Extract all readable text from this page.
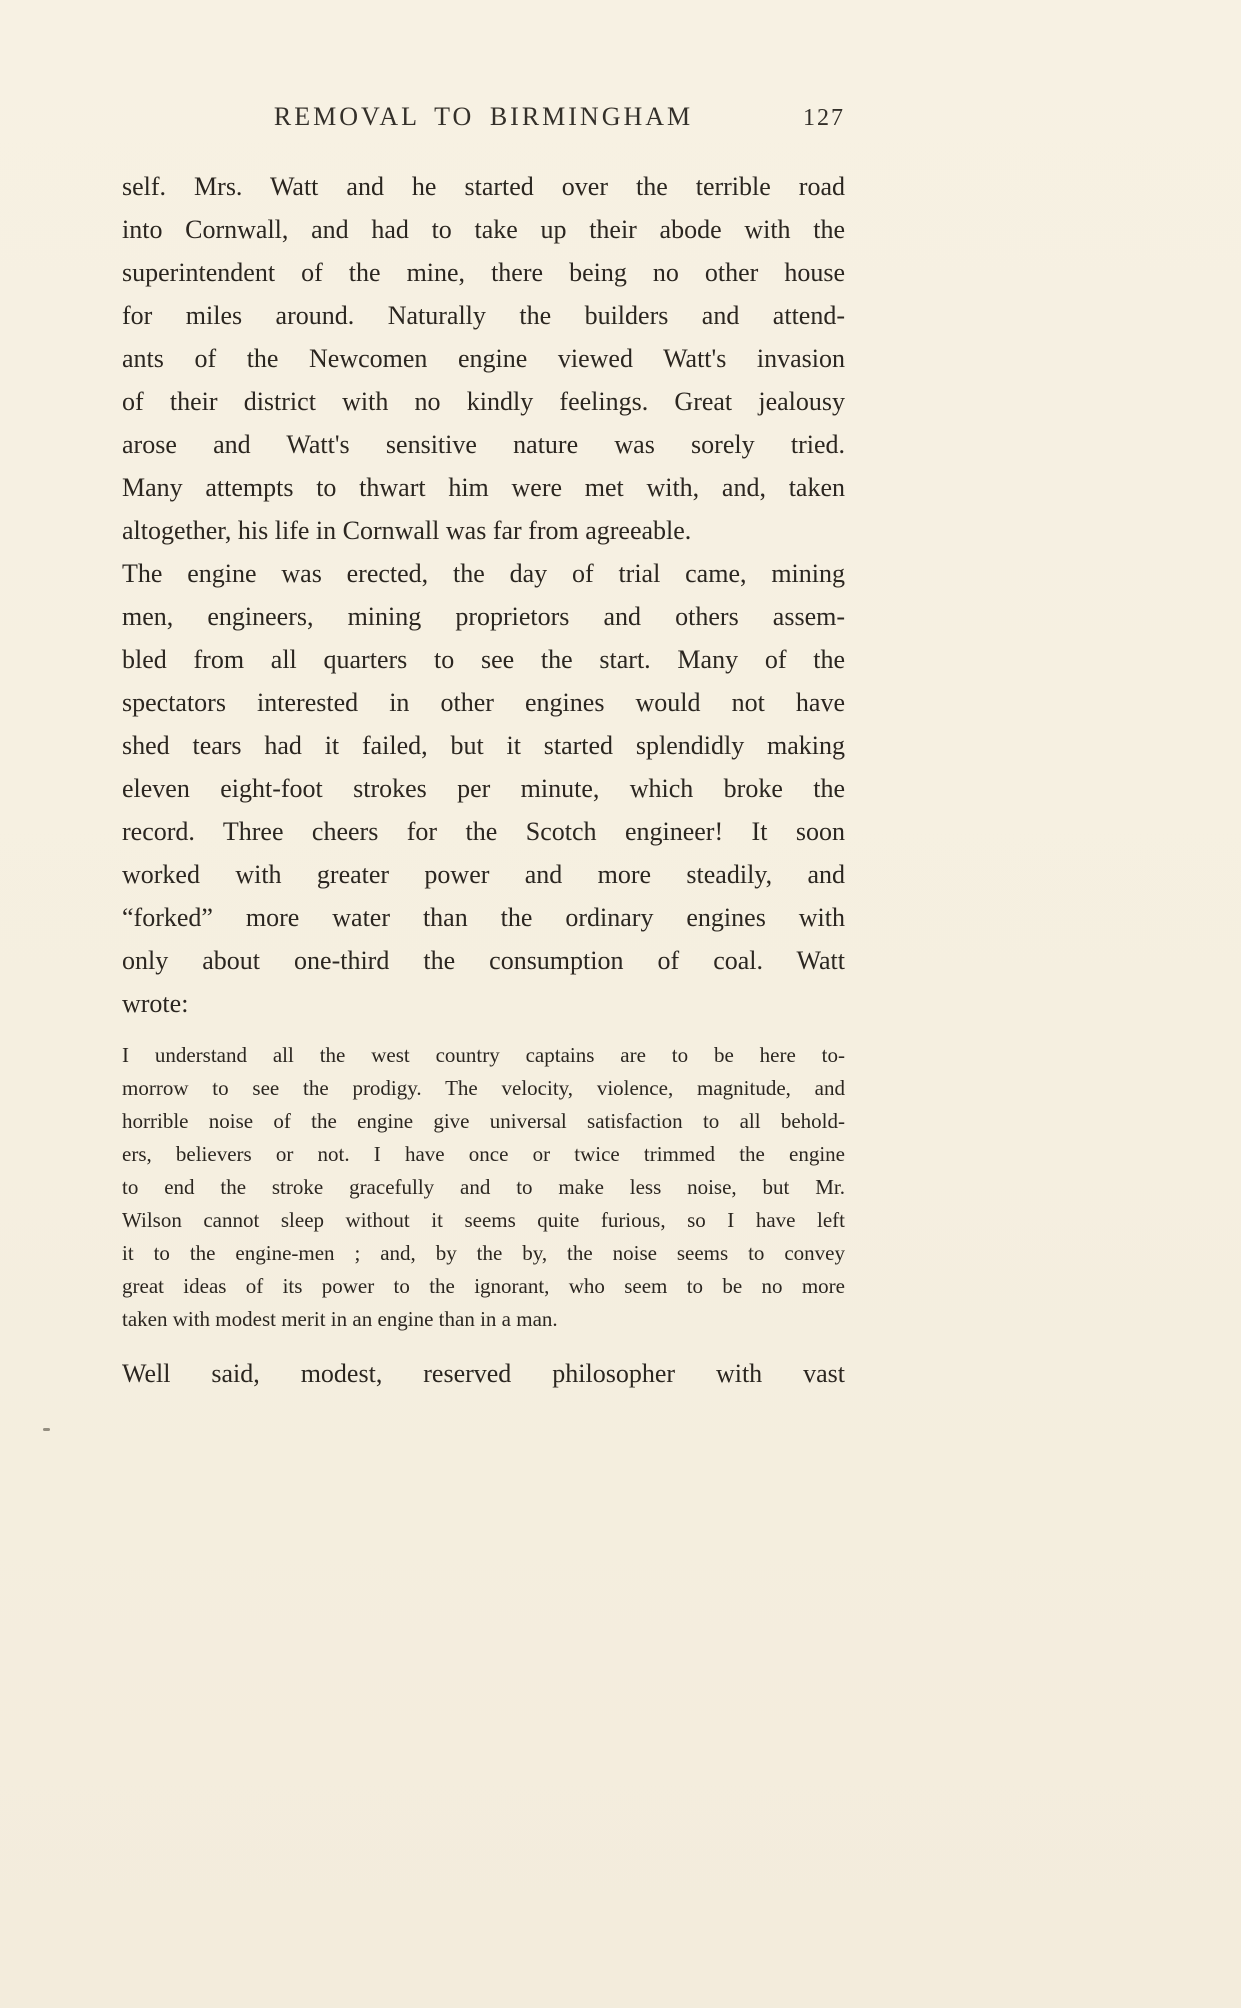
REMOVAL TO BIRMINGHAM	127
self. Mrs. Watt and he started over the terrible road
into Cornwall, and had to take up their abode with the
superintendent of the mine, there being no other house
for miles around. Naturally the builders and attend-
ants of the Newcomen engine viewed Watt's invasion
of their district with no kindly feelings. Great jealousy
arose and Watt's sensitive nature was sorely tried.
Many attempts to thwart him were met with, and, taken
altogether, his life in Cornwall was far from agreeable.
The engine was erected, the day of trial came, mining
men, engineers, mining proprietors and others assem-
bled from all quarters to see the start. Many of the
spectators interested in other engines would not have
shed tears had it failed, but it started splendidly making
eleven eight-foot strokes per minute, which broke the
record. Three cheers for the Scotch engineer! It soon
worked with greater power and more steadily, and
“forked” more water than the ordinary engines with
only about one-third the consumption of coal. Watt
wrote:
I understand all the west country captains are to be here to-
morrow to see the prodigy. The velocity, violence, magnitude, and
horrible noise of the engine give universal satisfaction to all behold-
ers, believers or not. I have once or twice trimmed the engine
to end the stroke gracefully and to make less noise, but Mr.
Wilson cannot sleep without it seems quite furious, so I have left
it to the engine-men ; and, by the by, the noise seems to convey
great ideas of its power to the ignorant, who seem to be no more
taken with modest merit in an engine than in a man.
Well said, modest, reserved philosopher with vast
